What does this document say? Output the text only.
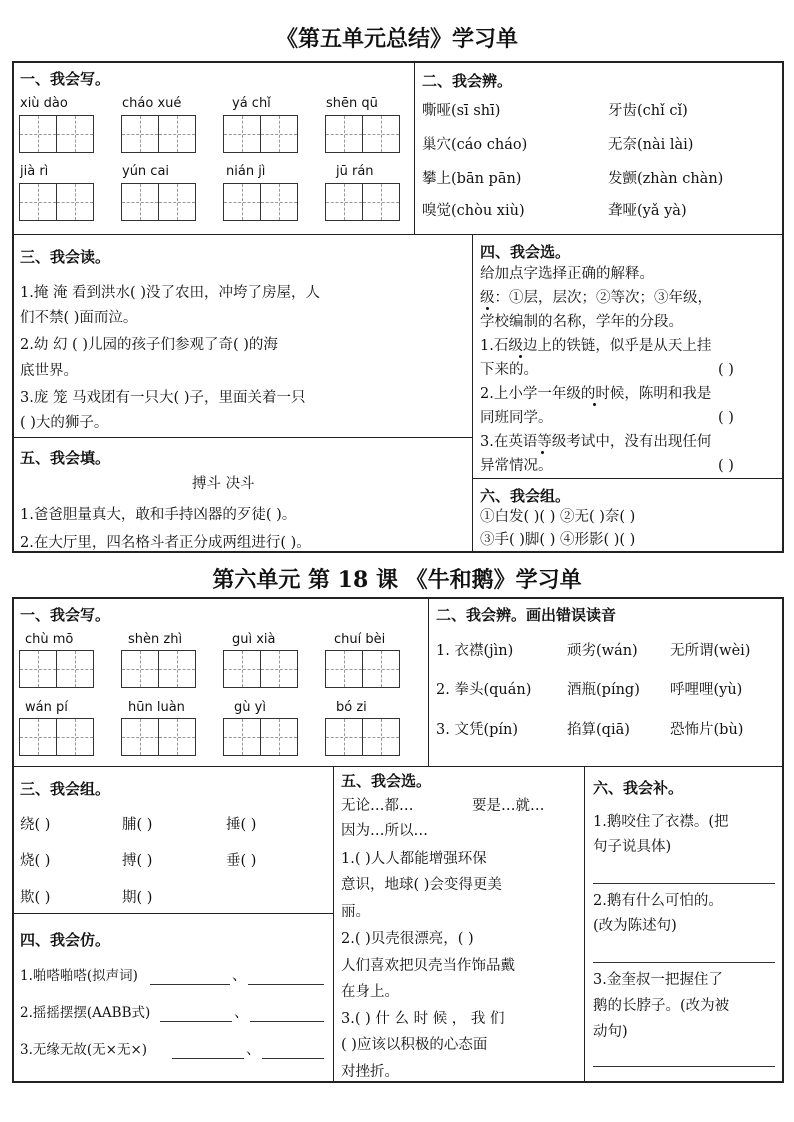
《第五单元总结》学习单
一、我会写。
xiù dào	cháo xué	yá chǐ	shēn qū
jià rì	yún cai	nián jì	jū rán
二、我会辨。
嘶哑(sī shī)	牙齿(chǐ cǐ)
巢穴(cáo cháo)	无奈(nài lài)
攀上(bān pān)	发颤(zhàn chàn)
嗅觉(chòu xiù)	聋哑(yǎ yà)
三、我会读。
1.掩 淹 看到洪水( )没了农田，冲垮了房屋，人
们不禁( )面而泣。
2.幼 幻 ( )儿园的孩子们参观了奇( )的海
底世界。
3.庞 笼 马戏团有一只大( )子，里面关着一只
( )大的狮子。
四、我会选。
给加点字选择正确的解释。
级：①层，层次；②等次；③年级，
学校编制的名称，学年的分段。
1.石级边上的铁链，似乎是从天上挂
下来的。	( )
2.上小学一年级的时候，陈明和我是
同班同学。	( )
3.在英语等级考试中，没有出现任何
异常情况。	( )
五、我会填。
搏斗 决斗
1.爸爸胆量真大，敢和手持凶器的歹徒( )。
2.在大厅里，四名格斗者正分成两组进行( )。
六、我会组。
①白发( )( ) ②无( )奈( )
③手( )脚( ) ④形影( )( )
第六单元 第 18 课 《牛和鹅》学习单
一、我会写。
chù mō	shèn zhì	guì xià	chuí bèi
wán pí	hūn luàn	gù yì	bó zi
二、我会辨。画出错误读音
1. 衣襟(jìn)	顽劣(wán) 无所谓(wèi)
2. 拳头(quán) 酒瓶(píng) 呼哩哩(yù)
3. 文凭(pín)	掐算(qiā)	恐怖片(bù)
三、我会组。
绕( )	脯( )	捶( )
烧( )	搏( )	垂( )
欺( )	期( )
四、我会仿。
1.啪嗒啪嗒(拟声词)	、
2.摇摇摆摆(AABB式)	、
3.无缘无故(无×无×)	、
五、我会选。
无论…都…	要是…就…
因为…所以…
1.( )人人都能增强环保
意识，地球( )会变得更美
丽。
2.( )贝壳很漂亮，( )
人们喜欢把贝壳当作饰品戴
在身上。
3.( ) 什 么 时 候 ， 我 们
( )应该以积极的心态面
对挫折。
六、我会补。
1.鹅咬住了衣襟。(把
句子说具体)
2.鹅有什么可怕的。
(改为陈述句)
3.金奎叔一把握住了
鹅的长脖子。(改为被
动句)
